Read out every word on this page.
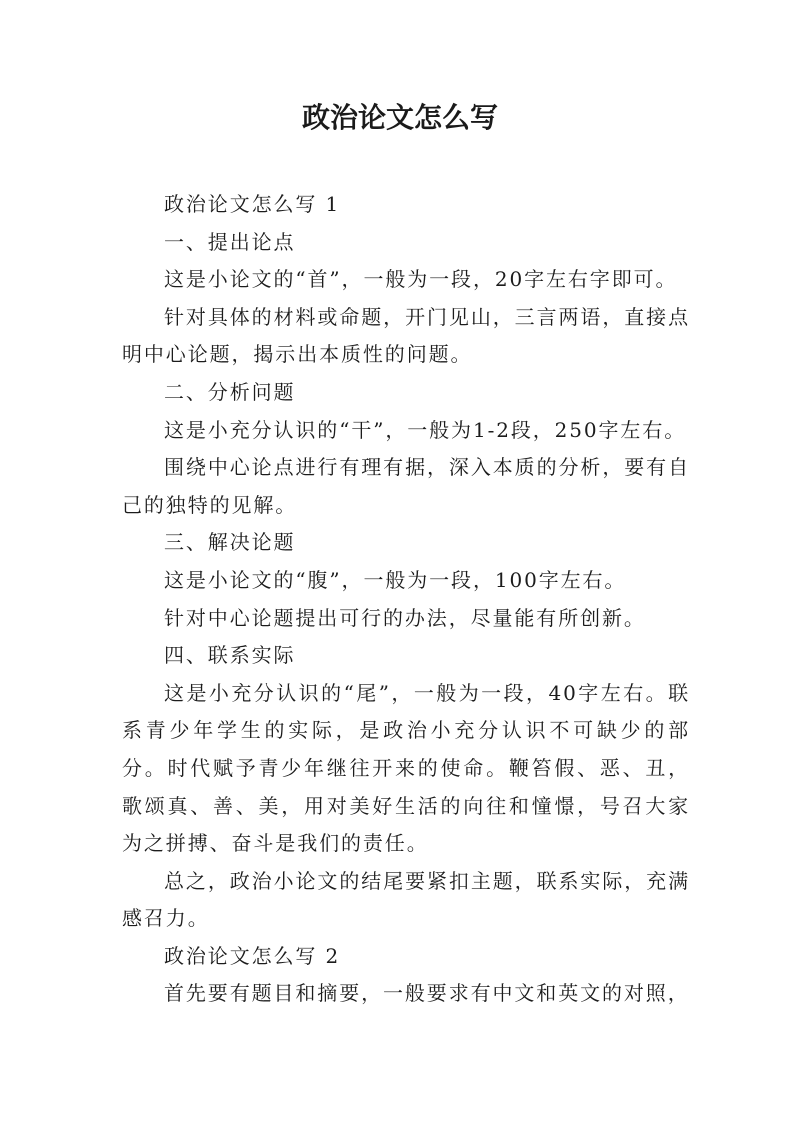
政治论文怎么写

政治论文怎么写 1

一、提出论点

这是小论文的“首”，一般为一段，20字左右字即可。

针对具体的材料或命题，开门见山，三言两语，直接点明中心论题，揭示出本质性的问题。

二、分析问题

这是小充分认识的“干”，一般为1-2段，250字左右。

围绕中心论点进行有理有据，深入本质的分析，要有自己的独特的见解。

三、解决论题

这是小论文的“腹”，一般为一段，100字左右。

针对中心论题提出可行的办法，尽量能有所创新。

四、联系实际

这是小充分认识的“尾”，一般为一段，40字左右。联系青少年学生的实际，是政治小充分认识不可缺少的部分。时代赋予青少年继往开来的使命。鞭笞假、恶、丑，歌颂真、善、美，用对美好生活的向往和憧憬，号召大家为之拼搏、奋斗是我们的责任。

总之，政治小论文的结尾要紧扣主题，联系实际，充满感召力。

政治论文怎么写 2

首先要有题目和摘要，一般要求有中文和英文的对照，
